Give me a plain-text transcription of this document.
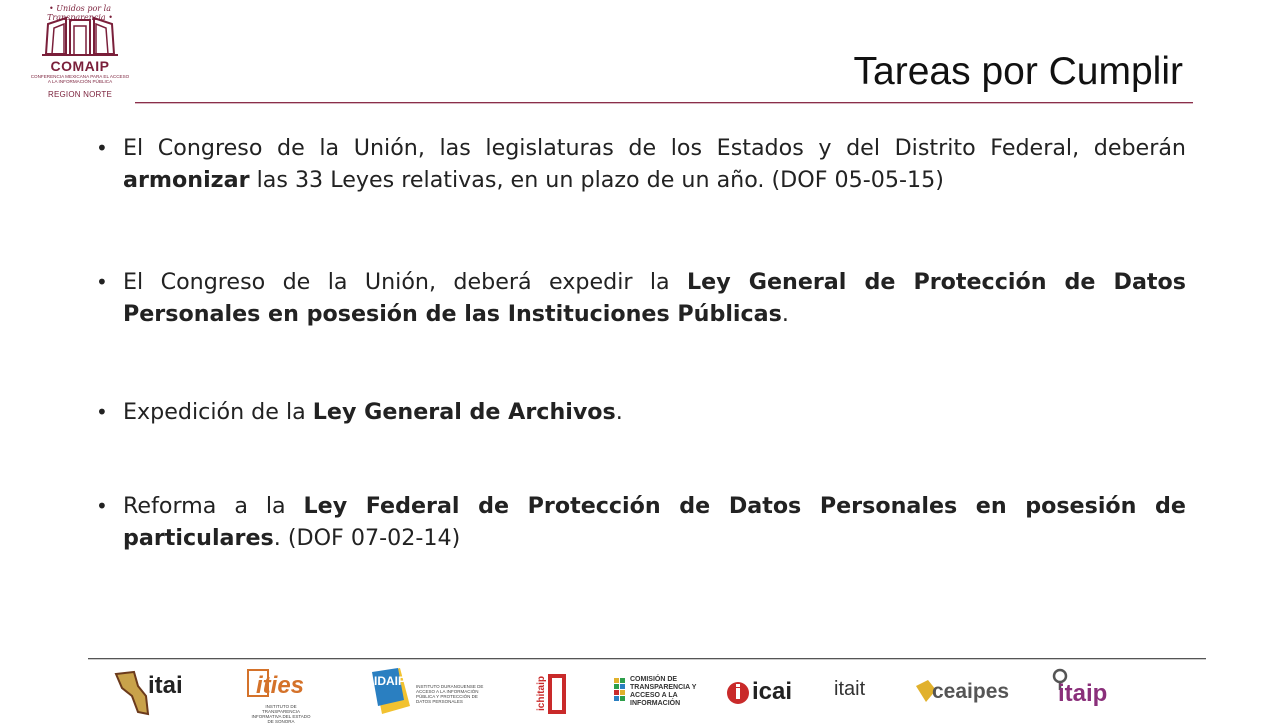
• Unidos por la Transparencia •
COMAIP
CONFERENCIA MEXICANA PARA EL ACCESO A LA INFORMACIÓN PÚBLICA
REGION NORTE
Tareas por Cumplir

• El Congreso de la Unión, las legislaturas de los Estados y del Distrito Federal, deberán armonizar las 33 Leyes relativas, en un plazo de un año. (DOF 05-05-15)

• El Congreso de la Unión, deberá expedir la Ley General de Protección de Datos Personales en posesión de las Instituciones Públicas.

• Expedición de la Ley General de Archivos.

• Reforma a la Ley Federal de Protección de Datos Personales en posesión de particulares. (DOF 07-02-14)

itai	ities
INSTITUTO DE TRANSPARENCIA INFORMATIVA DEL ESTADO DE SONORA
IDAIP INSTITUTO DURANGUENSE DE ACCESO A LA INFORMACIÓN PÚBLICA Y PROTECCIÓN DE DATOS PERSONALES	ichitaip	COMISIÓN DE
TRANSPARENCIA Y
ACCESO A LA
INFORMACIÓN	icai itait	ceaipes itaip
